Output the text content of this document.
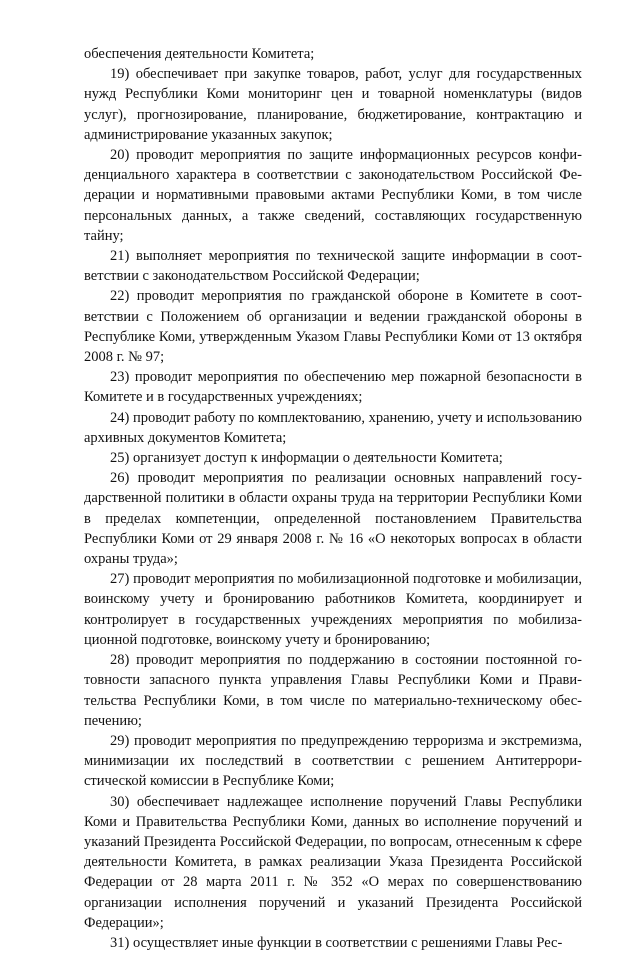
обеспечения деятельности Комитета;

19) обеспечивает при закупке товаров, работ, услуг для государственных нужд Республики Коми мониторинг цен и товарной номенклатуры (видов услуг), прогнозирование, планирование, бюджетирование, контрактацию и администрирование указанных закупок;

20) проводит мероприятия по защите информационных ресурсов конфиденциального характера в соответствии с законодательством Российской Федерации и нормативными правовыми актами Республики Коми, в том числе персональных данных, а также сведений, составляющих государственную тайну;

21) выполняет мероприятия по технической защите информации в соответствии с законодательством Российской Федерации;

22) проводит мероприятия по гражданской обороне в Комитете в соответствии с Положением об организации и ведении гражданской обороны в Республике Коми, утвержденным Указом Главы Республики Коми от 13 октября 2008 г. № 97;

23) проводит мероприятия по обеспечению мер пожарной безопасности в Комитете и в государственных учреждениях;

24) проводит работу по комплектованию, хранению, учету и использованию архивных документов Комитета;

25) организует доступ к информации о деятельности Комитета;

26) проводит мероприятия по реализации основных направлений государственной политики в области охраны труда на территории Республики Коми в пределах компетенции, определенной постановлением Правительства Республики Коми от 29 января 2008 г. № 16 «О некоторых вопросах в области охраны труда»;

27) проводит мероприятия по мобилизационной подготовке и мобилизации, воинскому учету и бронированию работников Комитета, координирует и контролирует в государственных учреждениях мероприятия по мобилизационной подготовке, воинскому учету и бронированию;

28) проводит мероприятия по поддержанию в состоянии постоянной готовности запасного пункта управления Главы Республики Коми и Правительства Республики Коми, в том числе по материально-техническому обеспечению;

29) проводит мероприятия по предупреждению терроризма и экстремизма, минимизации их последствий в соответствии с решением Антитеррористической комиссии в Республике Коми;

30) обеспечивает надлежащее исполнение поручений Главы Республики Коми и Правительства Республики Коми, данных во исполнение поручений и указаний Президента Российской Федерации, по вопросам, отнесенным к сфере деятельности Комитета, в рамках реализации Указа Президента Российской Федерации от 28 марта 2011 г. № 352 «О мерах по совершенствованию организации исполнения поручений и указаний Президента Российской Федерации»;

31) осуществляет иные функции в соответствии с решениями Главы Рес-
